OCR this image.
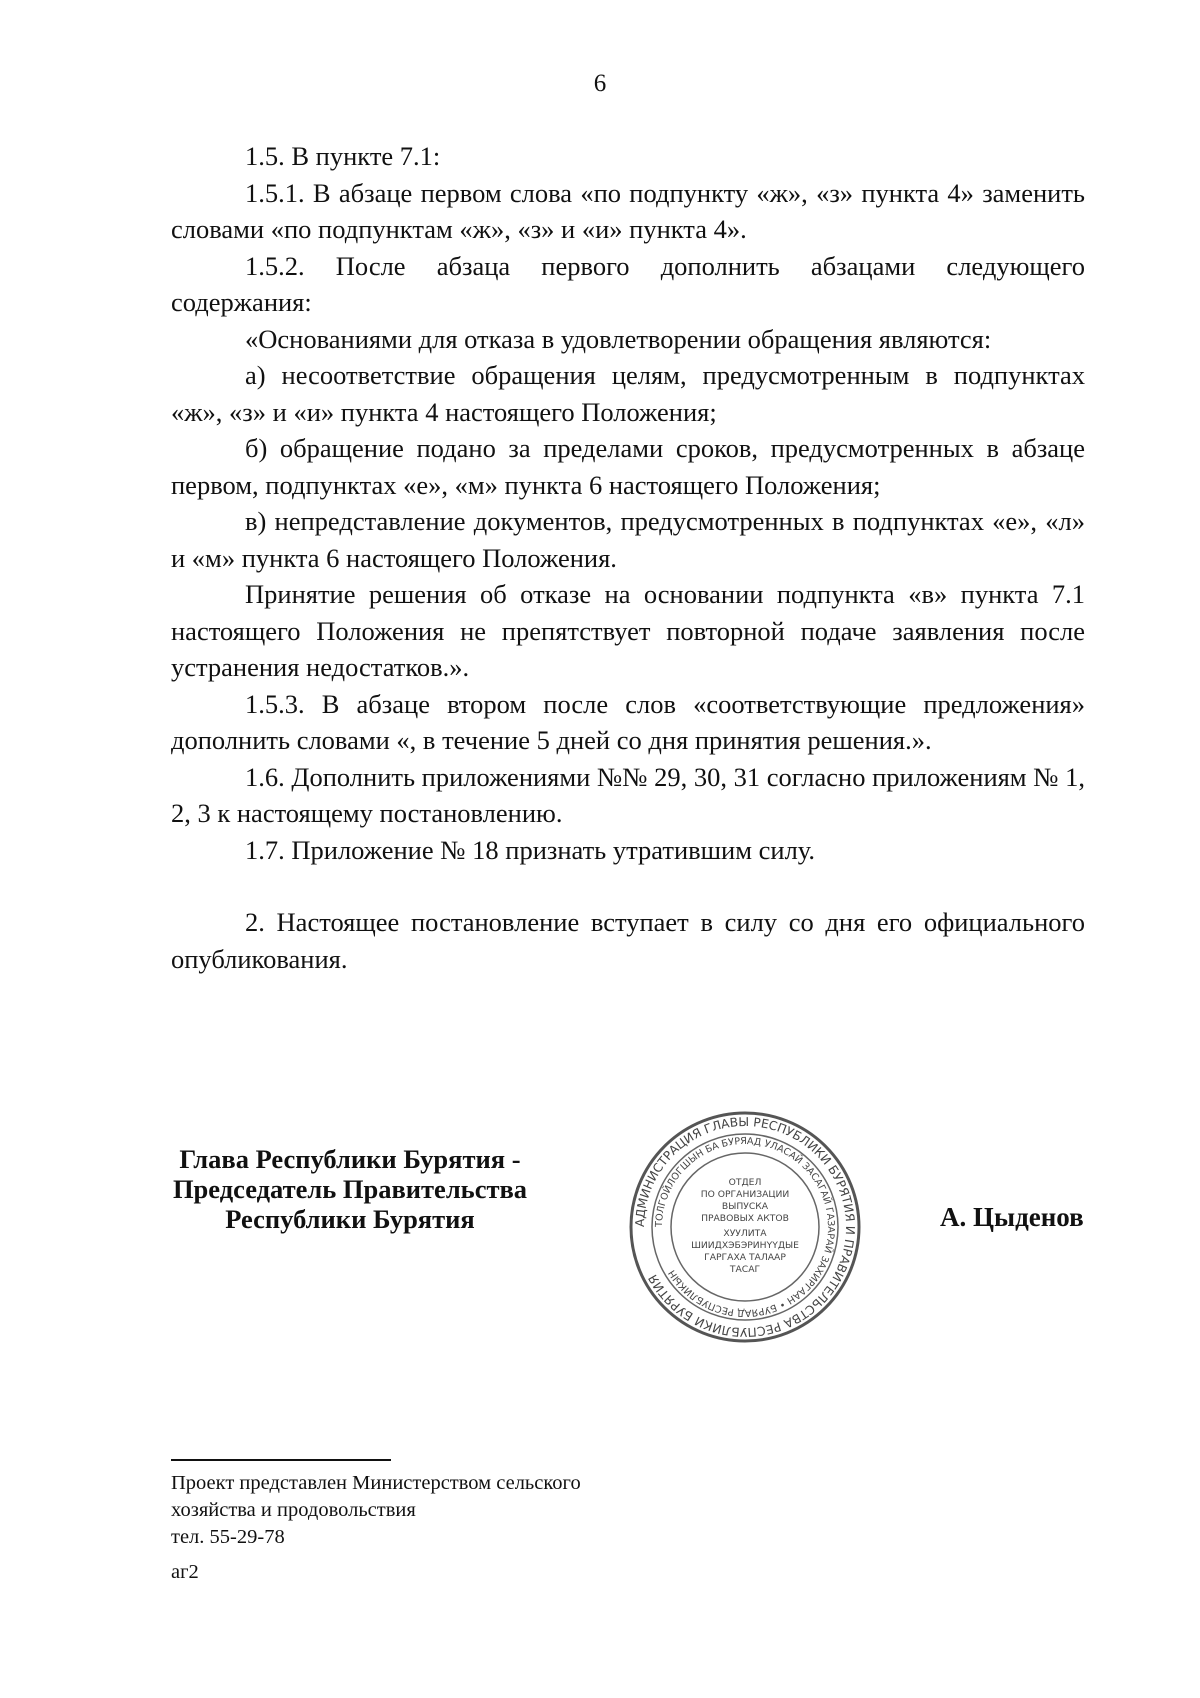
6

1.5. В пункте 7.1:

1.5.1. В абзаце первом слова «по подпункту «ж», «з» пункта 4» заменить словами «по подпунктам «ж», «з» и «и» пункта 4».

1.5.2. После абзаца первого дополнить абзацами следующего содержания:

«Основаниями для отказа в удовлетворении обращения являются:

а) несоответствие обращения целям, предусмотренным в подпунктах «ж», «з» и «и» пункта 4 настоящего Положения;

б) обращение подано за пределами сроков, предусмотренных в абзаце первом, подпунктах «е», «м» пункта 6 настоящего Положения;

в) непредставление документов, предусмотренных в подпунктах «е», «л» и «м» пункта 6 настоящего Положения.

Принятие решения об отказе на основании подпункта «в» пункта 7.1 настоящего Положения не препятствует повторной подаче заявления после устранения недостатков.».

1.5.3. В абзаце втором после слов «соответствующие предложения» дополнить словами «, в течение 5 дней со дня принятия решения.».

1.6. Дополнить приложениями №№ 29, 30, 31 согласно приложениям № 1, 2, 3 к настоящему постановлению.

1.7. Приложение № 18 признать утратившим силу.

2. Настоящее постановление вступает в силу со дня его официального опубликования.

Глава Республики Бурятия -
Председатель Правительства
Республики Бурятия	АДМИНИСТРАЦИЯ ГЛАВЫ РЕСПУБЛИКИ БУРЯТИЯ И ПРАВИТЕЛЬСТВА РЕСПУБЛИКИ БУРЯТИЯ
ТОЛГОЙЛОГШЫН БА БУРЯАД УЛАСАЙ ЗАСАГАЙ ГАЗАРАЙ ЗАХИРГААН • БУРЯАД РЕСПУБЛИКЫН
ОТДЕЛ
ПО ОРГАНИЗАЦИИ
ВЫПУСКА
ПРАВОВЫХ АКТОВ
ХУУЛИТА
ШИИДХЭБЭРИНҮҮДЫЕ
ГАРГАХА ТАЛААР
ТАСАГ
А. Цыденов
Проект представлен Министерством сельского
хозяйства и продовольствия
тел. 55-29-78
аг2
